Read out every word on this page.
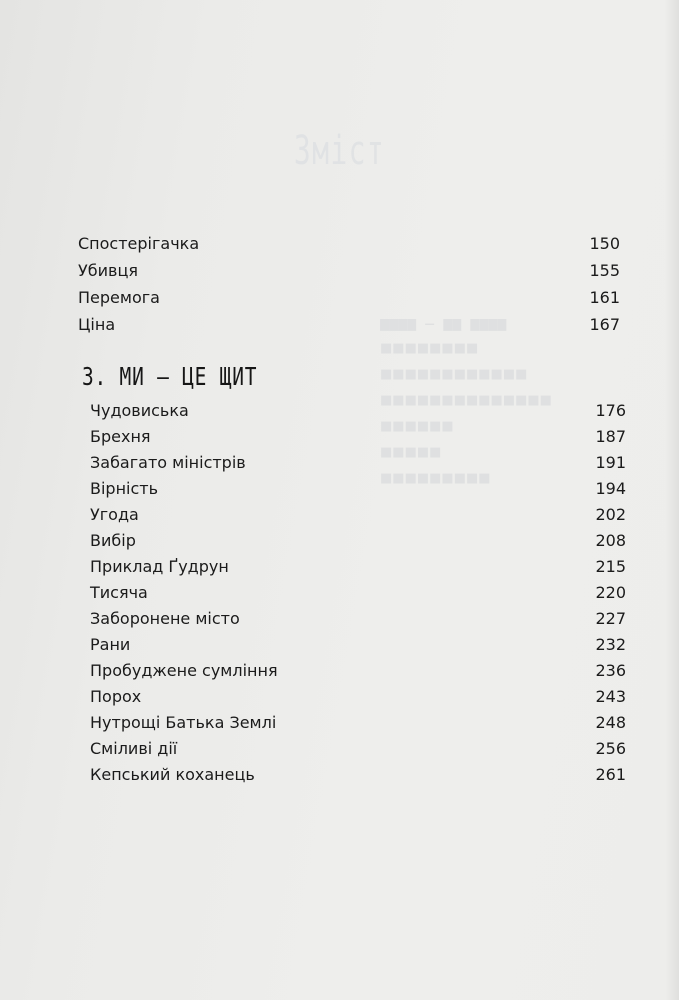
Зміст
■■■■ — ■■ ■■■■
■■■■■■■■
■■■■■■■■■■■■
■■■■■■■■■■■■■■
■■■■■■
■■■■■
■■■■■■■■■
Спостерігачка	150
Убивця	155
Перемога	161
Ціна	167
3. МИ — ЦЕ ЩИТ
Чудовиська	176
Брехня	187
Забагато міністрів	191
Вірність	194
Угода	202
Вибір	208
Приклад Ґудрун	215
Тисяча	220
Заборонене місто	227
Рани	232
Пробуджене сумління	236
Порох	243
Нутрощі Батька Землі	248
Сміливі дії	256
Кепський коханець	261
